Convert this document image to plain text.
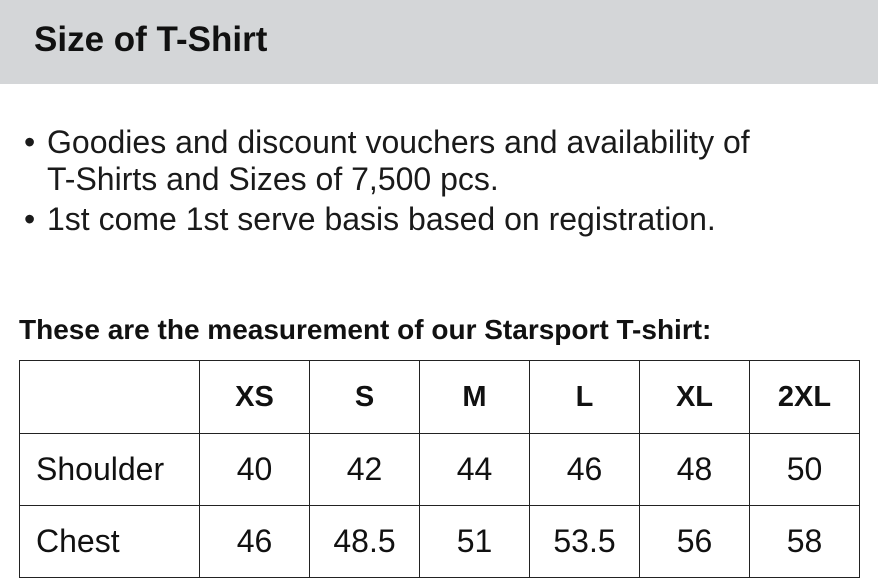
Size of T-Shirt
• Goodies and discount vouchers and availability of
T-Shirts and Sizes of 7,500 pcs.
• 1st come 1st serve basis based on registration.
These are the measurement of our Starsport T-shirt:
	XS	S	M	L	XL	2XL
Shoulder	40	42	44	46	48	50
Chest	46	48.5	51	53.5	56	58
